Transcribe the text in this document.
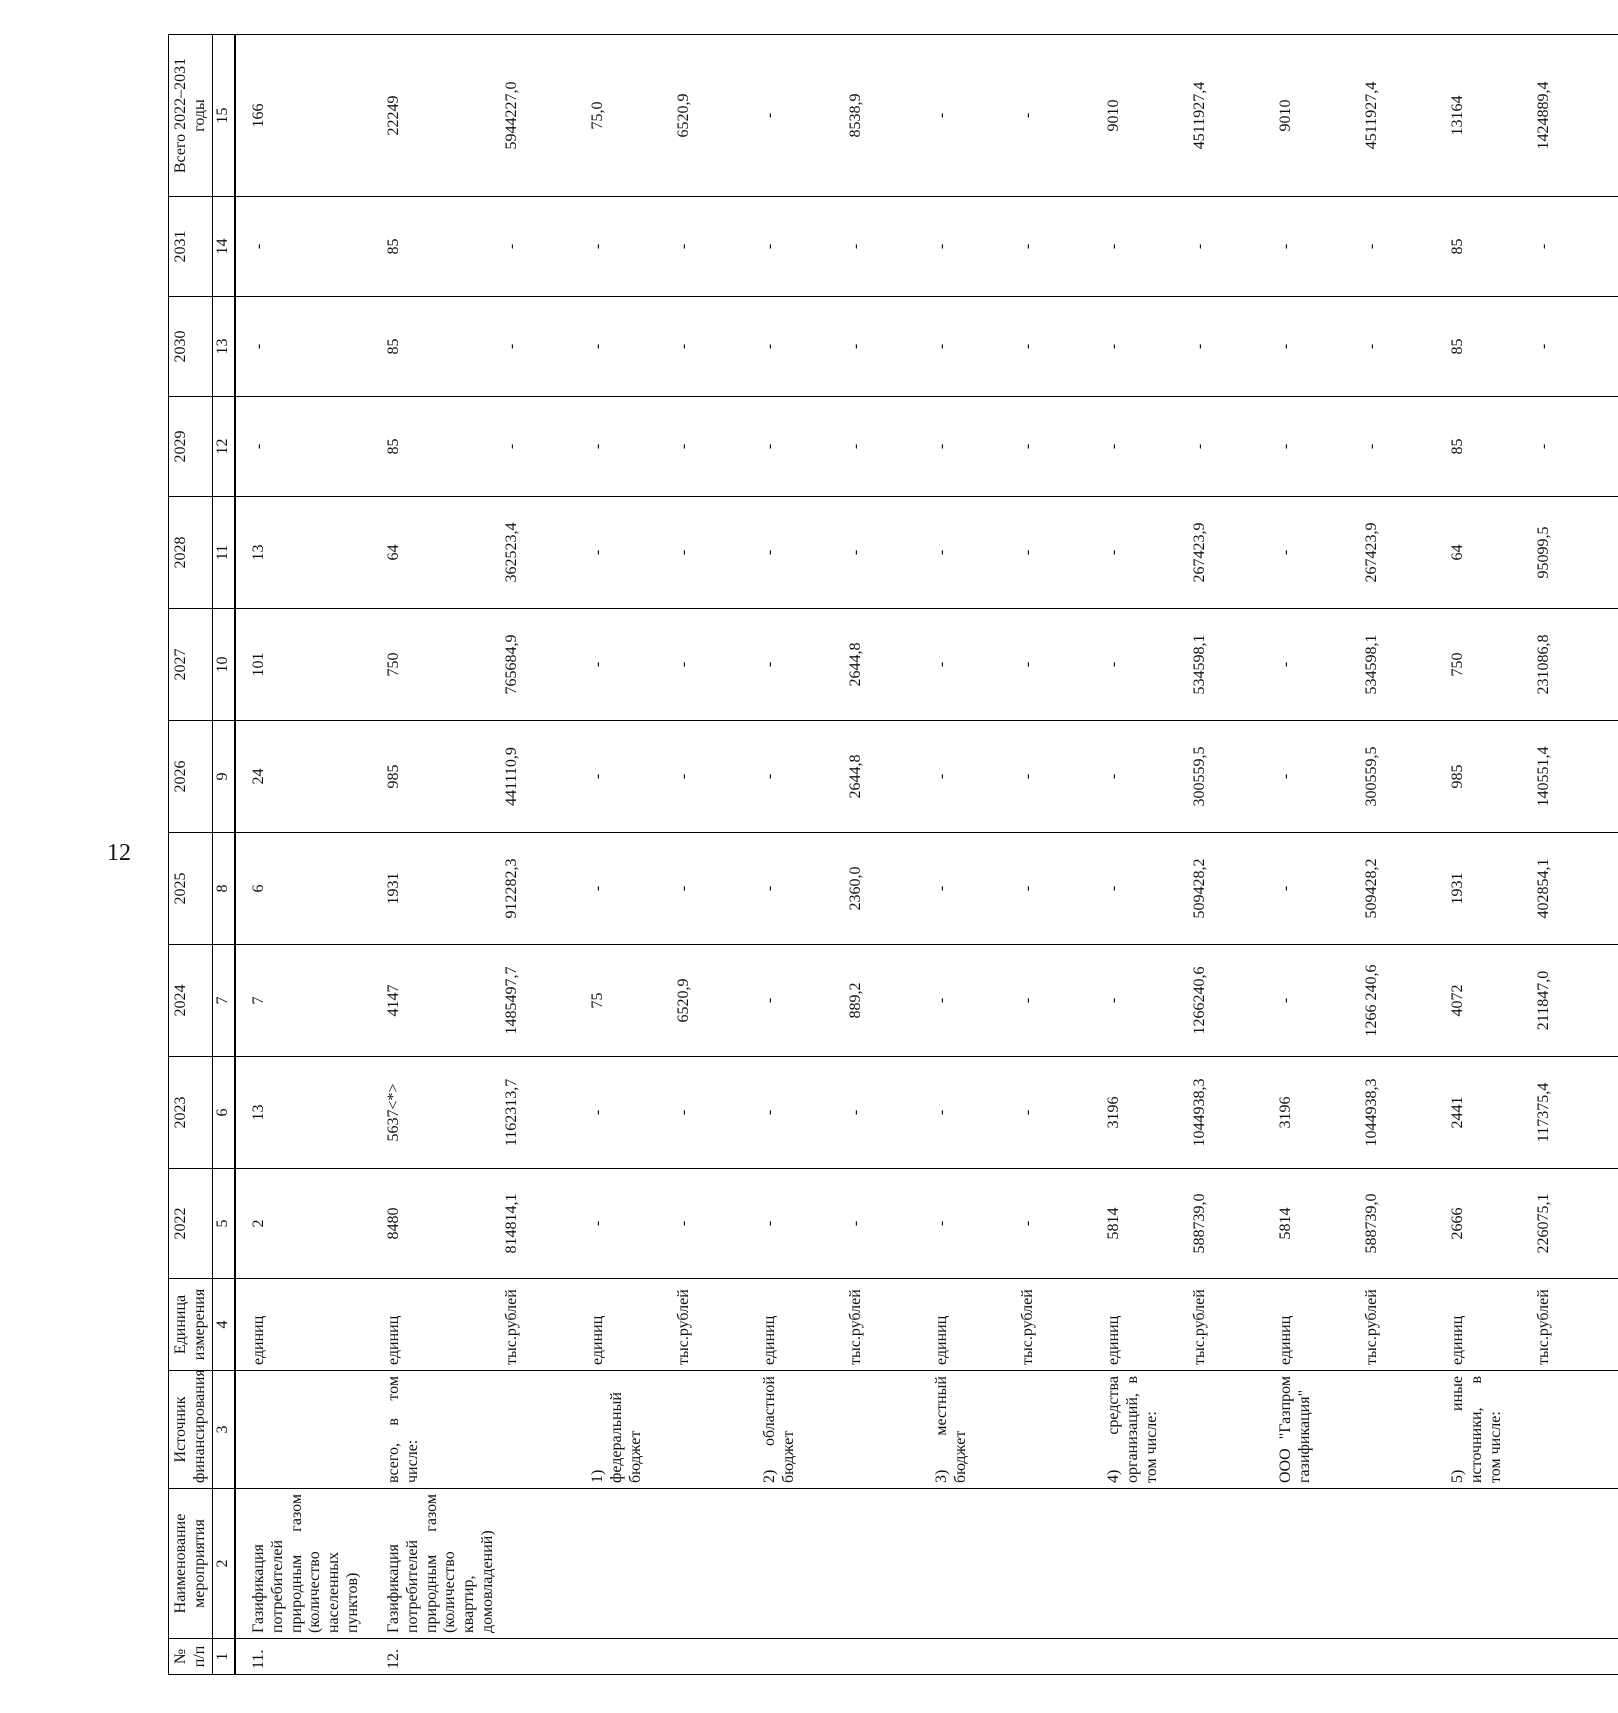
12
№ п/п	Наименование мероприятия	Источник финансирования	Единица измерения	2022	2023	2024	2025	2026	2027	2028	2029	2030	2031	Всего 2022–2031 годы
1	2	3	4	5	6	7	8	9	10	11	12	13	14	15
11.	Газификация потребителей природным газом (количество населенных пунктов)		единиц	2	13	7	6	24	101	13	-	-	-	166
12.	Газификация потребителей природным газом (количество квартир, домовладений)	всего, в том числе:	единиц	8480	5637<*>	4147	1931	985	750	64	85	85	85	22249
			тыс.рублей	814814,1	1162313,7	1485497,7	912282,3	441110,9	765684,9	362523,4	-	-	-	5944227,0
		1) федеральный бюджет	единиц	-	-	75	-	-	-	-	-	-	-	75,0
			тыс.рублей	-	-	6520,9	-	-	-	-	-	-	-	6520,9
		2) областной бюджет	единиц	-	-	-	-	-	-	-	-	-	-	-
			тыс.рублей	-	-	889,2	2360,0	2644,8	2644,8	-	-	-	-	8538,9
		3) местный бюджет	единиц	-	-	-	-	-	-	-	-	-	-	-
			тыс.рублей	-	-	-	-	-	-	-	-	-	-	-
		4) средства организаций, в том числе:	единиц	5814	3196	-	-	-	-	-	-	-	-	9010
			тыс.рублей	588739,0	1044938,3	1266240,6	509428,2	300559,5	534598,1	267423,9	-	-	-	4511927,4
		ООО "Газпром газификация"	единиц	5814	3196	-	-	-	-	-	-	-	-	9010
			тыс.рублей	588739,0	1044938,3	1266 240,6	509428,2	300559,5	534598,1	267423,9	-	-	-	4511927,4
		5) иные источники, в том числе:	единиц	2666	2441	4072	1931	985	750	64	85	85	85	13164
			тыс.рублей	226075,1	117375,4	211847,0	402854,1	140551,4	231086,8	95099,5	-	-	-	1424889,4
